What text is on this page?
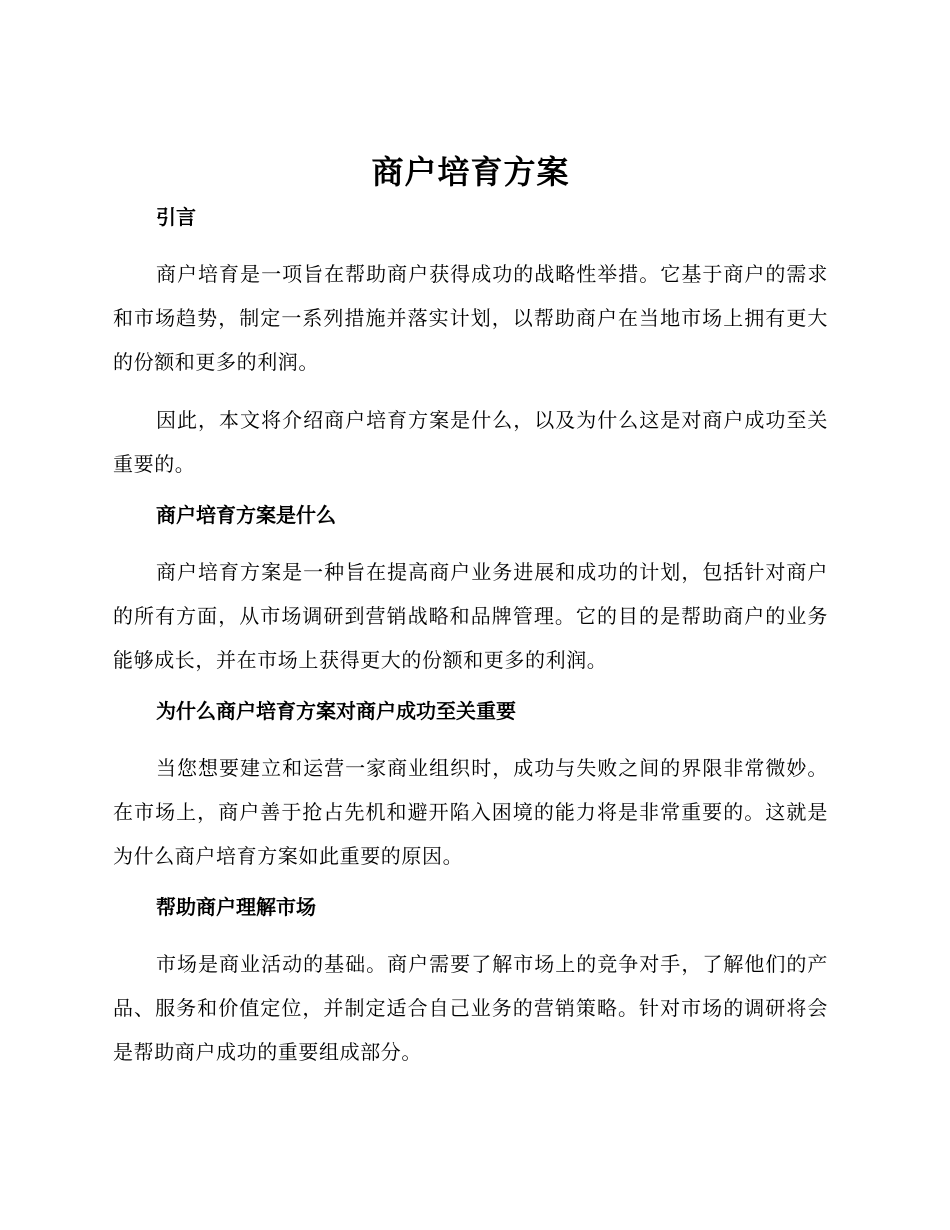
商户培育方案
引言

商户培育是一项旨在帮助商户获得成功的战略性举措。它基于商户的需求和市场趋势，制定一系列措施并落实计划，以帮助商户在当地市场上拥有更大的份额和更多的利润。

因此，本文将介绍商户培育方案是什么，以及为什么这是对商户成功至关重要的。

商户培育方案是什么

商户培育方案是一种旨在提高商户业务进展和成功的计划，包括针对商户的所有方面，从市场调研到营销战略和品牌管理。它的目的是帮助商户的业务能够成长，并在市场上获得更大的份额和更多的利润。

为什么商户培育方案对商户成功至关重要

当您想要建立和运营一家商业组织时，成功与失败之间的界限非常微妙。在市场上，商户善于抢占先机和避开陷入困境的能力将是非常重要的。这就是为什么商户培育方案如此重要的原因。

帮助商户理解市场

市场是商业活动的基础。商户需要了解市场上的竞争对手，了解他们的产品、服务和价值定位，并制定适合自己业务的营销策略。针对市场的调研将会是帮助商户成功的重要组成部分。
